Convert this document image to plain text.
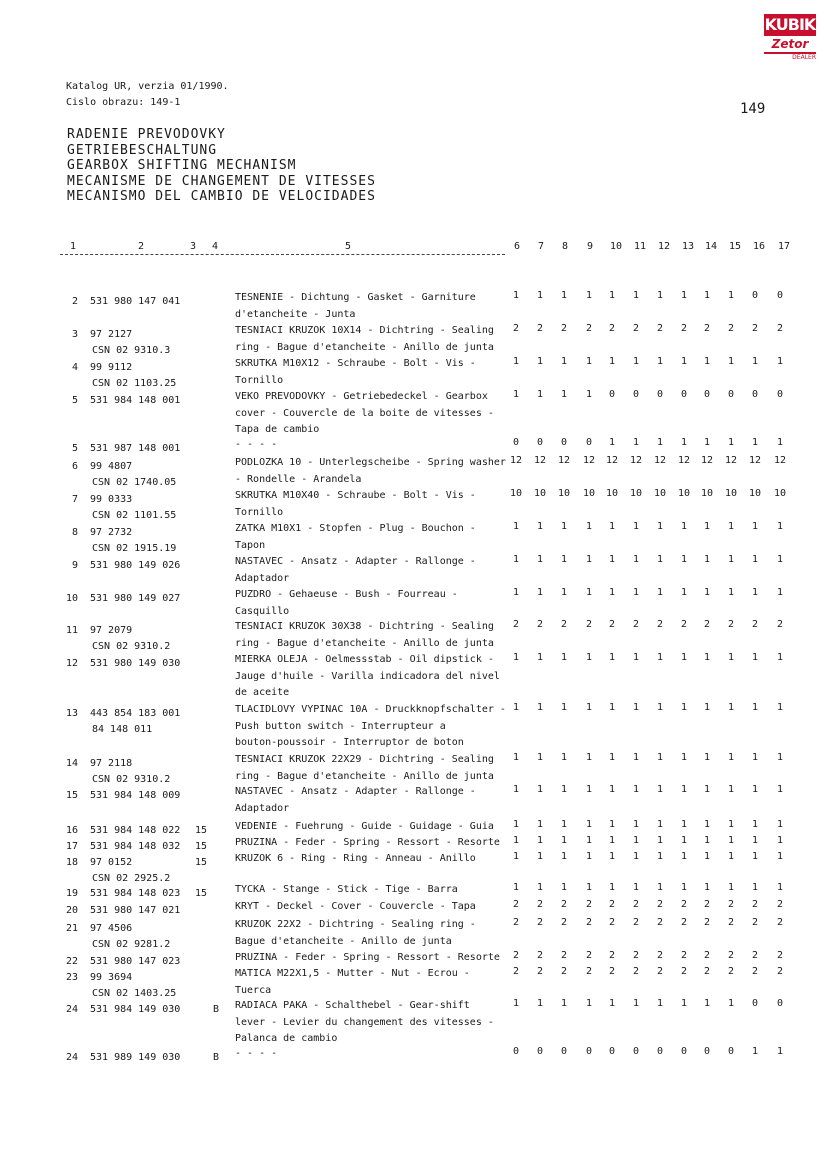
KUBIK
Zetor
DEALER
Katalog UR, verzia 01/1990.
Cislo obrazu: 149-1	149
RADENIE PREVODOVKY
GETRIEBESCHALTUNG
GEARBOX SHIFTING MECHANISM
MECANISME DE CHANGEMENT DE VITESSES
MECANISMO DEL CAMBIO DE VELOCIDADES
1	2	3 4	5	6 7 8 9 10 11 12 13 14 15 16 17
2 531 980 147 041	TESNENIE - Dichtung - Gasket - Garniture
d'etancheite - Junta
1	1	1	1	1	1	1	1	1	1	0	0
3 97 2127
CSN 02 9310.3
TESNIACI KRUZOK 10X14 - Dichtring - Sealing
ring - Bague d'etancheite - Anillo de junta
2	2	2	2	2	2	2	2	2	2	2	2
4 99 9112
CSN 02 1103.25
SKRUTKA M10X12 - Schraube - Bolt - Vis -
Tornillo
1	1	1	1	1	1	1	1	1	1	1	1
5 531 984 148 001	VEKO PREVODOVKY - Getriebedeckel - Gearbox
cover - Couvercle de la boite de vitesses -
Tapa de cambio
1	1	1	1	0	0	0	0	0	0	0	0
5 531 987 148 001	- - - -	0	0	0	0	1	1	1	1	1	1	1	1
6 99 4807
CSN 02 1740.05
PODLOZKA 10 - Unterlegscheibe - Spring washer
- Rondelle - Arandela
12	12	12	12	12	12	12	12	12	12	12	12
7 99 0333
CSN 02 1101.55
SKRUTKA M10X40 - Schraube - Bolt - Vis -
Tornillo
10	10	10	10	10	10	10	10	10	10	10	10
8 97 2732
CSN 02 1915.19
ZATKA M10X1 - Stopfen - Plug - Bouchon -
Tapon
1	1	1	1	1	1	1	1	1	1	1	1
9 531 980 149 026	NASTAVEC - Ansatz - Adapter - Rallonge -
Adaptador
1	1	1	1	1	1	1	1	1	1	1	1
10 531 980 149 027	PUZDRO - Gehaeuse - Bush - Fourreau -
Casquillo
1	1	1	1	1	1	1	1	1	1	1	1
11 97 2079
CSN 02 9310.2
TESNIACI KRUZOK 30X38 - Dichtring - Sealing
ring - Bague d'etancheite - Anillo de junta
2	2	2	2	2	2	2	2	2	2	2	2
12 531 980 149 030	MIERKA OLEJA - Oelmessstab - Oil dipstick -
Jauge d'huile - Varilla indicadora del nivel
de aceite
1	1	1	1	1	1	1	1	1	1	1	1
13 443 854 183 001
84 148 011
TLACIDLOVY VYPINAC 10A - Druckknopfschalter -
Push button switch - Interrupteur a
bouton-poussoir - Interruptor de boton
1	1	1	1	1	1	1	1	1	1	1	1
14 97 2118
CSN 02 9310.2
TESNIACI KRUZOK 22X29 - Dichtring - Sealing
ring - Bague d'etancheite - Anillo de junta
1	1	1	1	1	1	1	1	1	1	1	1
15 531 984 148 009	NASTAVEC - Ansatz - Adapter - Rallonge -
Adaptador
1	1	1	1	1	1	1	1	1	1	1	1
16 531 984 148 022 15	VEDENIE - Fuehrung - Guide - Guidage - Guia	1	1	1	1	1	1	1	1	1	1	1	1
17 531 984 148 032 15	PRUZINA - Feder - Spring - Ressort - Resorte	1	1	1	1	1	1	1	1	1	1	1	1
18 97 0152
CSN 02 2925.2
15	KRUZOK 6 - Ring - Ring - Anneau - Anillo	1	1	1	1	1	1	1	1	1	1	1	1
19 531 984 148 023 15	TYCKA - Stange - Stick - Tige - Barra	1	1	1	1	1	1	1	1	1	1	1	1
20 531 980 147 021	KRYT - Deckel - Cover - Couvercle - Tapa	2	2	2	2	2	2	2	2	2	2	2	2
21 97 4506
CSN 02 9281.2
KRUZOK 22X2 - Dichtring - Sealing ring -
Bague d'etancheite - Anillo de junta
2	2	2	2	2	2	2	2	2	2	2	2
22 531 980 147 023	PRUZINA - Feder - Spring - Ressort - Resorte	2	2	2	2	2	2	2	2	2	2	2	2
23 99 3694
CSN 02 1403.25
MATICA M22X1,5 - Mutter - Nut - Ecrou -
Tuerca
2	2	2	2	2	2	2	2	2	2	2	2
24 531 984 149 030	B RADIACA PAKA - Schalthebel - Gear-shift
lever - Levier du changement des vitesses -
Palanca de cambio
1	1	1	1	1	1	1	1	1	1	0	0
24 531 989 149 030	B - - - -	0	0	0	0	0	0	0	0	0	0	1	1
